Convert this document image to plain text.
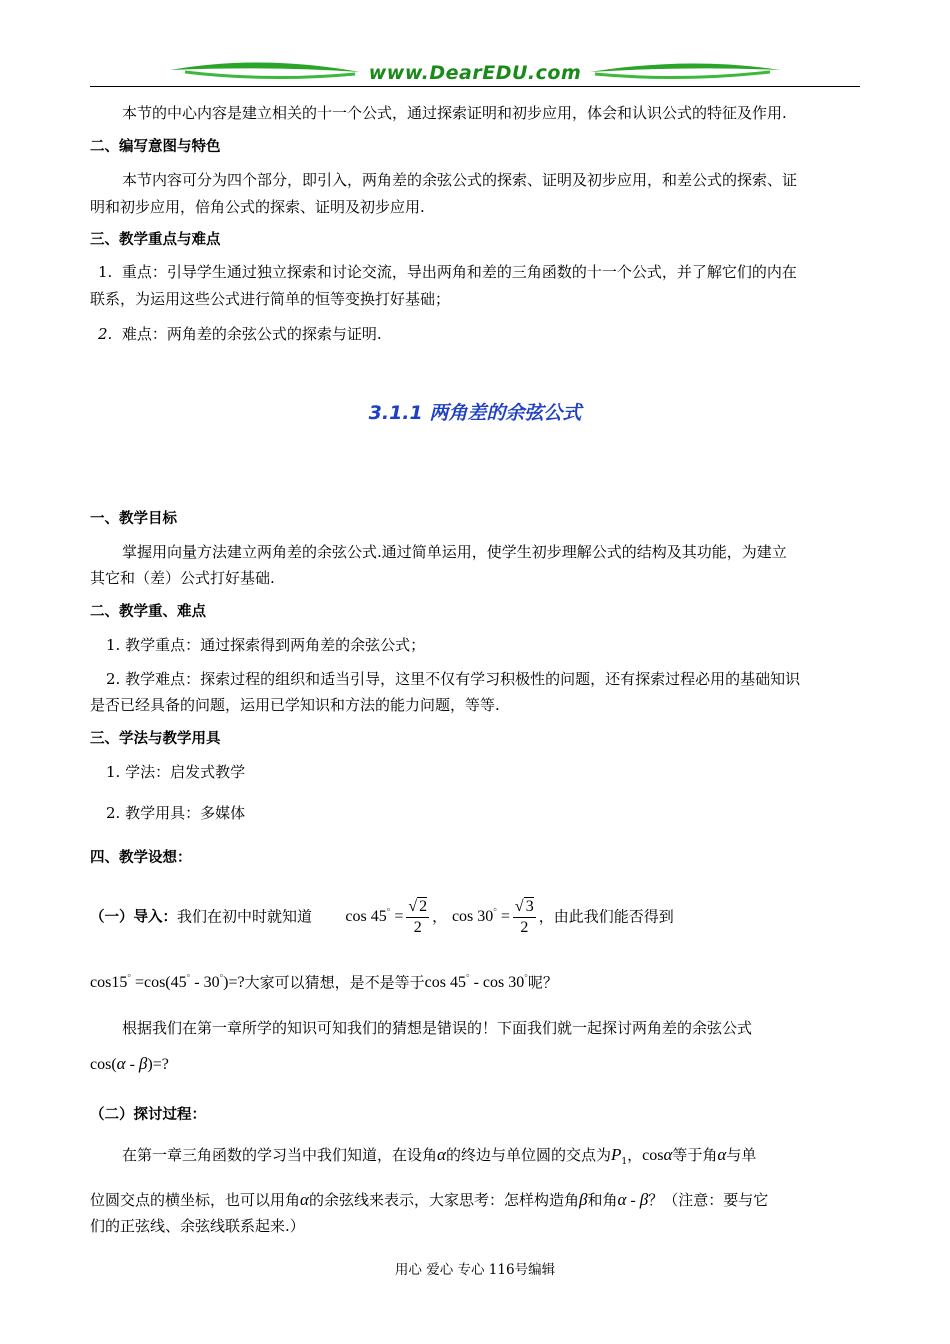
www.DearEDU.com
本节的中心内容是建立相关的十一个公式，通过探索证明和初步应用，体会和认识公式的特征及作用.
二、编写意图与特色
本节内容可分为四个部分，即引入，两角差的余弦公式的探索、证明及初步应用，和差公式的探索、证
明和初步应用，倍角公式的探索、证明及初步应用.
三、教学重点与难点
1. 重点：引导学生通过独立探索和讨论交流，导出两角和差的三角函数的十一个公式，并了解它们的内在
联系，为运用这些公式进行简单的恒等变换打好基础；
2. 难点：两角差的余弦公式的探索与证明.
3.1.1 两角差的余弦公式
一、教学目标
掌握用向量方法建立两角差的余弦公式.通过简单运用，使学生初步理解公式的结构及其功能，为建立
其它和（差）公式打好基础.
二、教学重、难点
1. 教学重点：通过探索得到两角差的余弦公式；
2. 教学难点：探索过程的组织和适当引导，这里不仅有学习积极性的问题，还有探索过程必用的基础知识
是否已经具备的问题，运用已学知识和方法的能力问题，等等.
三、学法与教学用具
1. 学法：启发式教学
2. 教学用具：多媒体
四、教学设想：
（一）导入：我们在初中时就知道 $\cos 45^\circ = \frac{√ 2}{2}$ ， $\cos 30^\circ = \frac{√ 3}{2}$ ，由此我们能否得到
cos15° =cos(45° - 30°)=?大家可以猜想，是不是等于cos 45° - cos 30°呢？
根据我们在第一章所学的知识可知我们的猜想是错误的！下面我们就一起探讨两角差的余弦公式
cos(α - β)=?
（二）探讨过程：
在第一章三角函数的学习当中我们知道，在设角α的终边与单位圆的交点为$P_1$，cosα等于角α与单
位圆交点的横坐标，也可以用角α的余弦线来表示，大家思考：怎样构造角β和角α - β？（注意：要与它
们的正弦线、余弦线联系起来.）
用心 爱心 专心 116号编辑
